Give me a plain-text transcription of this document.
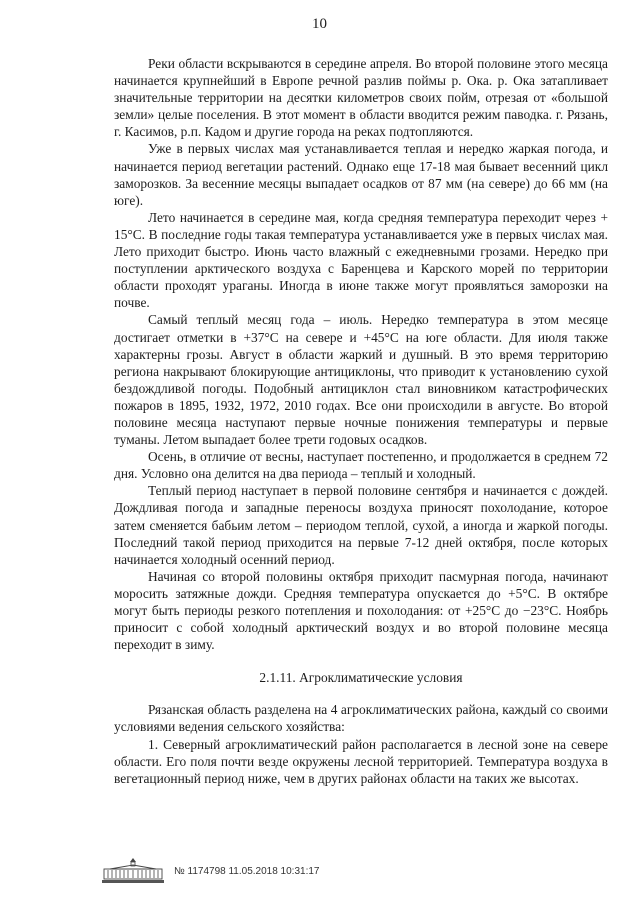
10

Реки области вскрываются в середине апреля. Во второй половине этого месяца начинается крупнейший в Европе речной разлив поймы р. Ока. р. Ока затапливает значительные территории на десятки километров своих пойм, отрезая от «большой земли» целые поселения. В этот момент в области вводится режим паводка. г. Рязань, г. Касимов, р.п. Кадом и другие города на реках подтопляются.

Уже в первых числах мая устанавливается теплая и нередко жаркая погода, и начинается период вегетации растений. Однако еще 17-18 мая бывает весенний цикл заморозков. За весенние месяцы выпадает осадков от 87 мм (на севере) до 66 мм (на юге).

Лето начинается в середине мая, когда средняя температура переходит через + 15°C. В последние годы такая температура устанавливается уже в первых числах мая. Лето приходит быстро. Июнь часто влажный с ежедневными грозами. Нередко при поступлении арктического воздуха с Баренцева и Карского морей по территории области проходят ураганы. Иногда в июне также могут проявляться заморозки на почве.

Самый теплый месяц года – июль. Нередко температура в этом месяце достигает отметки в +37°C на севере и +45°C на юге области. Для июля также характерны грозы. Август в области жаркий и душный. В это время территорию региона накрывают блокирующие антициклоны, что приводит к установлению сухой бездождливой погоды. Подобный антициклон стал виновником катастрофических пожаров в 1895, 1932, 1972, 2010 годах. Все они происходили в августе. Во второй половине месяца наступают первые ночные понижения температуры и первые туманы. Летом выпадает более трети годовых осадков.

Осень, в отличие от весны, наступает постепенно, и продолжается в среднем 72 дня. Условно она делится на два периода – теплый и холодный.

Теплый период наступает в первой половине сентября и начинается с дождей. Дождливая погода и западные переносы воздуха приносят похолодание, которое затем сменяется бабьим летом – периодом теплой, сухой, а иногда и жаркой погоды. Последний такой период приходится на первые 7-12 дней октября, после которых начинается холодный осенний период.

Начиная со второй половины октября приходит пасмурная погода, начинают моросить затяжные дожди. Средняя температура опускается до +5°C. В октябре могут быть периоды резкого потепления и похолодания: от +25°C до −23°C. Ноябрь приносит с собой холодный арктический воздух и во второй половине месяца переходит в зиму.

2.1.11. Агроклиматические условия

Рязанская область разделена на 4 агроклиматических района, каждый со своими условиями ведения сельского хозяйства:

1. Северный агроклиматический район располагается в лесной зоне на севере области. Его поля почти везде окружены лесной территорией. Температура воздуха в вегетационный период ниже, чем в других районах области на таких же высотах.

№ 1174798 11.05.2018 10:31:17
